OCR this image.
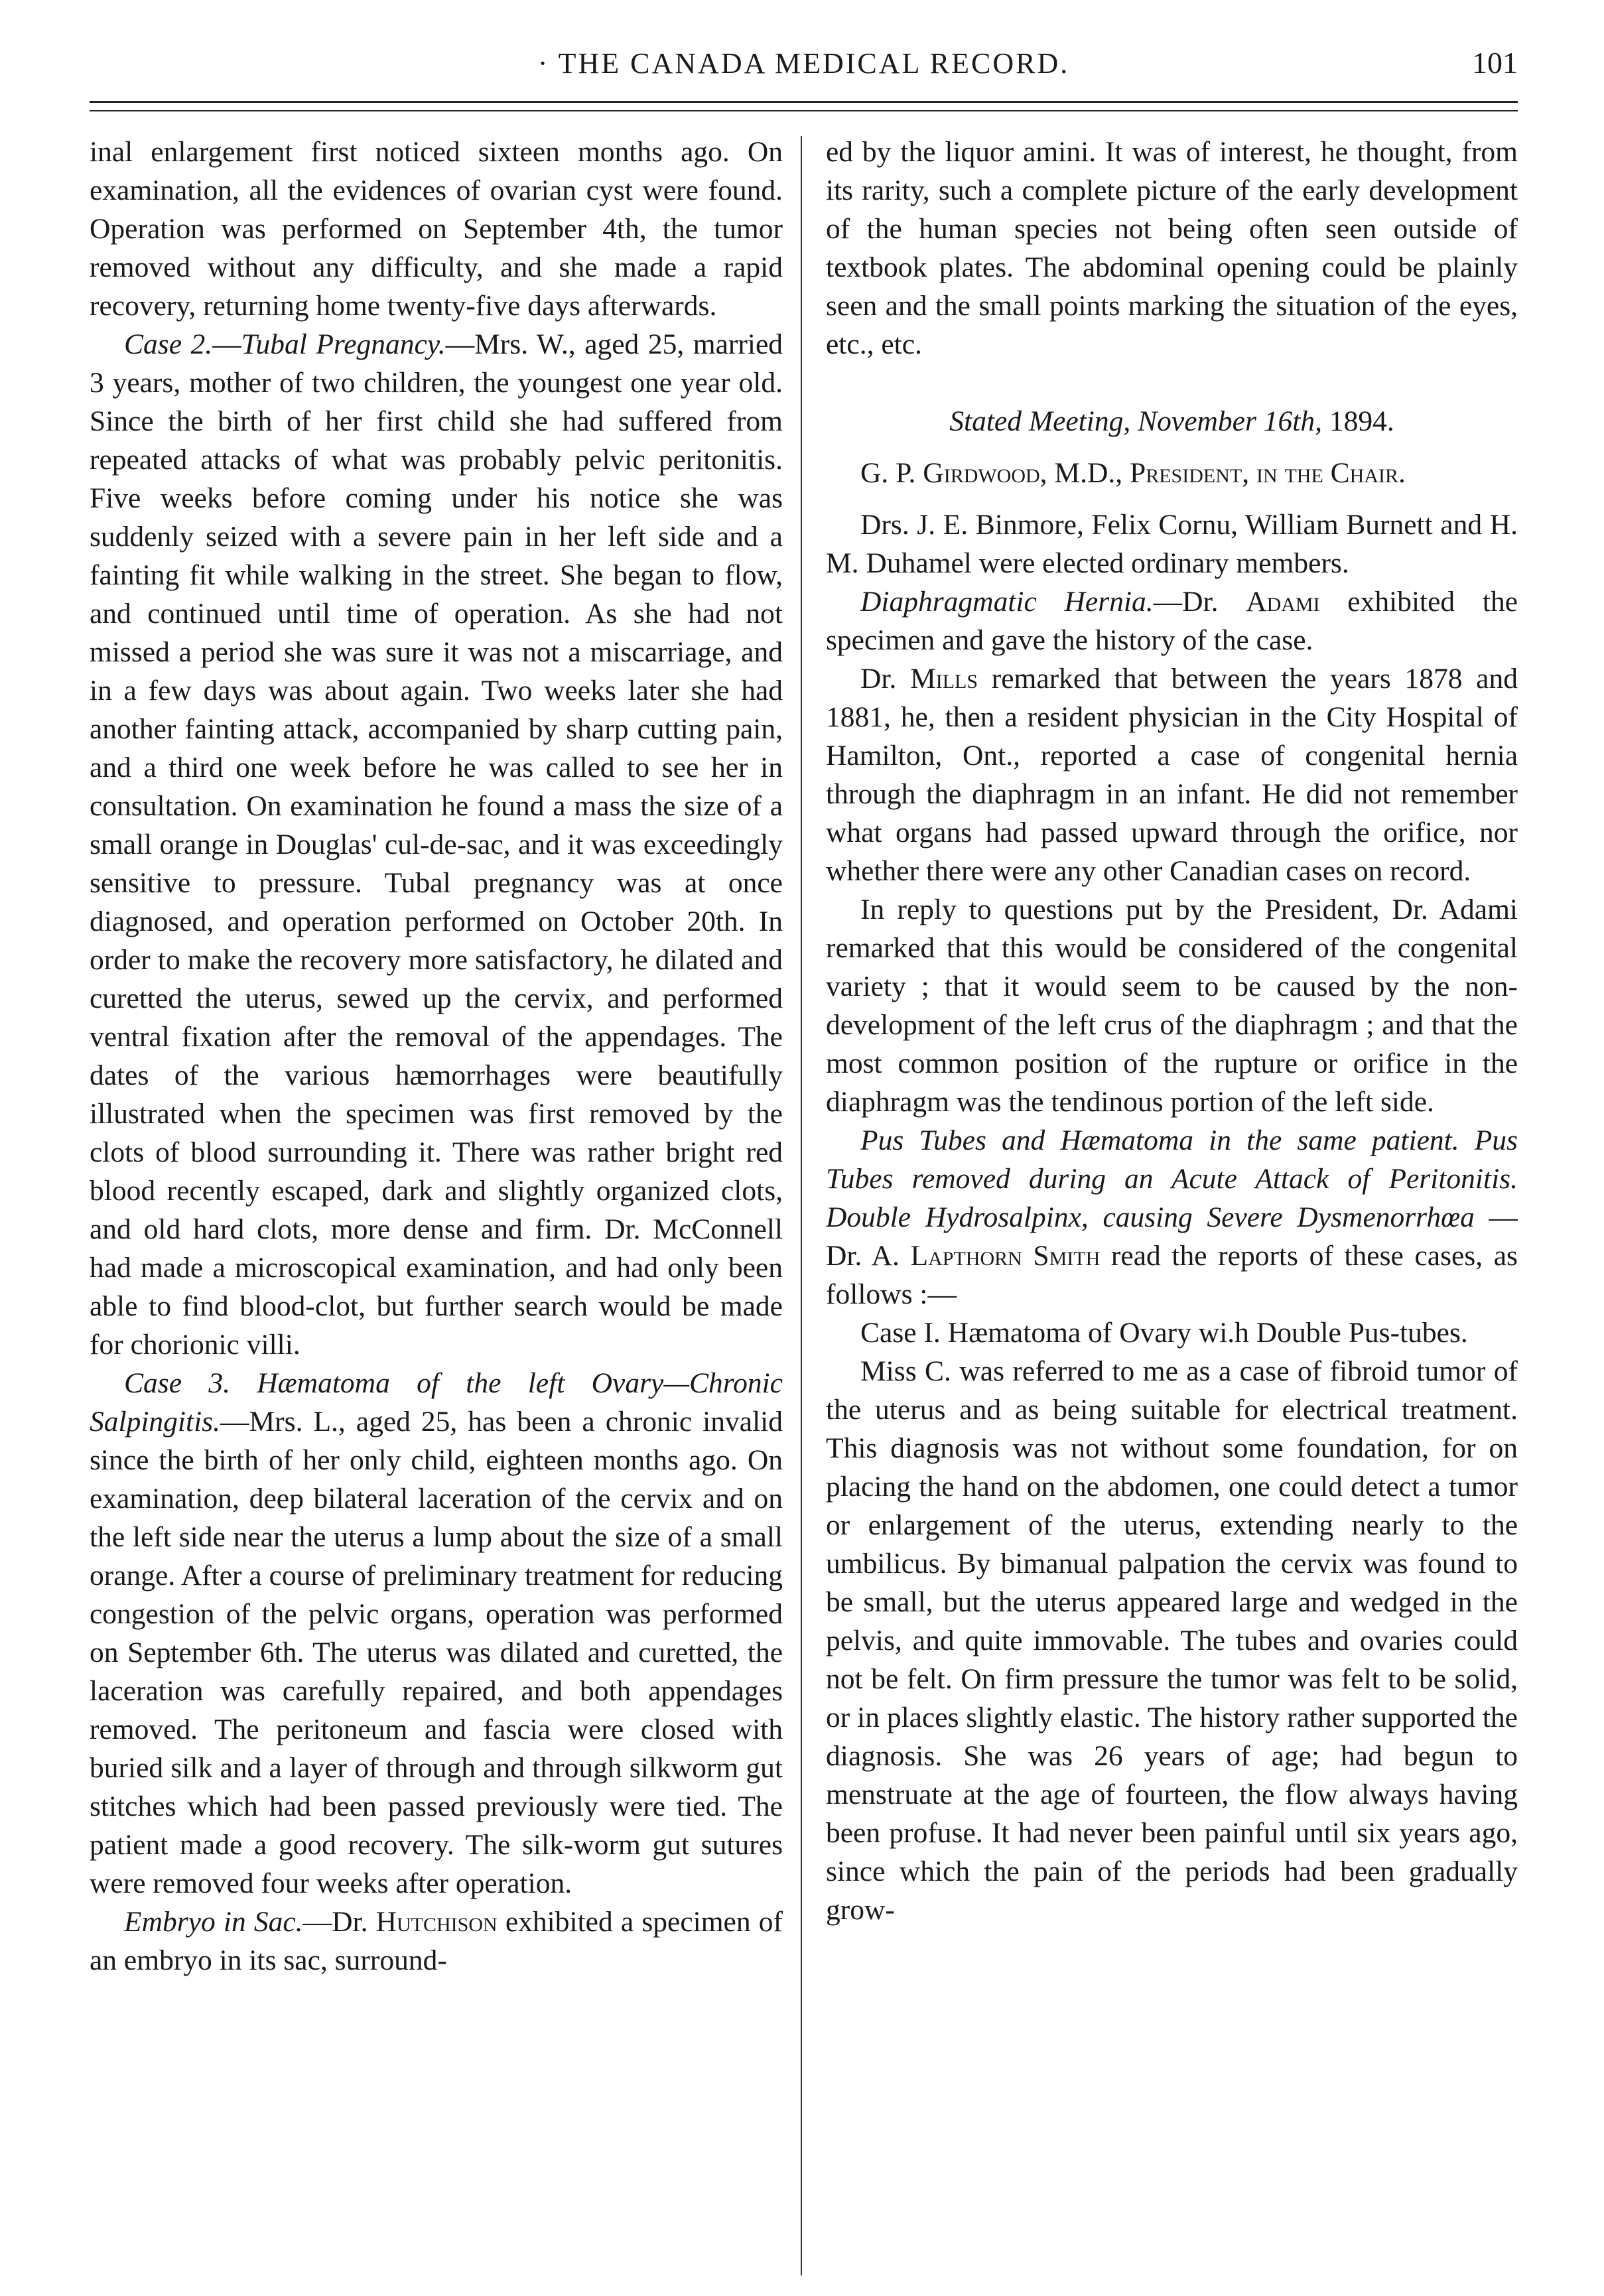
· THE CANADA MEDICAL RECORD.	101

inal enlargement first noticed sixteen months ago. On examination, all the evidences of ovarian cyst were found. Operation was performed on September 4th, the tumor removed without any difficulty, and she made a rapid recovery, returning home twenty-five days afterwards.

Case 2.—Tubal Pregnancy.—Mrs. W., aged 25, married 3 years, mother of two children, the youngest one year old. Since the birth of her first child she had suffered from repeated attacks of what was probably pelvic peritonitis. Five weeks before coming under his notice she was suddenly seized with a severe pain in her left side and a fainting fit while walking in the street. She began to flow, and continued until time of operation. As she had not missed a period she was sure it was not a miscarriage, and in a few days was about again. Two weeks later she had another fainting attack, accompanied by sharp cutting pain, and a third one week before he was called to see her in consultation. On examination he found a mass the size of a small orange in Douglas' cul-de-sac, and it was exceedingly sensitive to pressure. Tubal pregnancy was at once diagnosed, and operation performed on October 20th. In order to make the recovery more satisfactory, he dilated and curetted the uterus, sewed up the cervix, and performed ventral fixation after the removal of the appendages. The dates of the various hæmorrhages were beautifully illustrated when the specimen was first removed by the clots of blood surrounding it. There was rather bright red blood recently escaped, dark and slightly organized clots, and old hard clots, more dense and firm. Dr. McConnell had made a microscopical examination, and had only been able to find blood-clot, but further search would be made for chorionic villi.

Case 3. Hæmatoma of the left Ovary—Chronic Salpingitis.—Mrs. L., aged 25, has been a chronic invalid since the birth of her only child, eighteen months ago. On examination, deep bilateral laceration of the cervix and on the left side near the uterus a lump about the size of a small orange. After a course of preliminary treatment for reducing congestion of the pelvic organs, operation was performed on September 6th. The uterus was dilated and curetted, the laceration was carefully repaired, and both appendages removed. The peritoneum and fascia were closed with buried silk and a layer of through and through silkworm gut stitches which had been passed previously were tied. The patient made a good recovery. The silk-worm gut sutures were removed four weeks after operation.

Embryo in Sac.—Dr. Hutchison exhibited a specimen of an embryo in its sac, surround-

ed by the liquor amini. It was of interest, he thought, from its rarity, such a complete picture of the early development of the human species not being often seen outside of textbook plates. The abdominal opening could be plainly seen and the small points marking the situation of the eyes, etc., etc.

Stated Meeting, November 16th, 1894.

G. P. Girdwood, M.D., President, in the Chair.

Drs. J. E. Binmore, Felix Cornu, William Burnett and H. M. Duhamel were elected ordinary members.

Diaphragmatic Hernia.—Dr. Adami exhibited the specimen and gave the history of the case.

Dr. Mills remarked that between the years 1878 and 1881, he, then a resident physician in the City Hospital of Hamilton, Ont., reported a case of congenital hernia through the diaphragm in an infant. He did not remember what organs had passed upward through the orifice, nor whether there were any other Canadian cases on record.

In reply to questions put by the President, Dr. Adami remarked that this would be considered of the congenital variety ; that it would seem to be caused by the non-development of the left crus of the diaphragm ; and that the most common position of the rupture or orifice in the diaphragm was the tendinous portion of the left side.

Pus Tubes and Hæmatoma in the same patient. Pus Tubes removed during an Acute Attack of Peritonitis. Double Hydrosalpinx, causing Severe Dysmenorrhœa —Dr. A. Lapthorn Smith read the reports of these cases, as follows :—

Case I. Hæmatoma of Ovary wi.h Double Pus-tubes.

Miss C. was referred to me as a case of fibroid tumor of the uterus and as being suitable for electrical treatment. This diagnosis was not without some foundation, for on placing the hand on the abdomen, one could detect a tumor or enlargement of the uterus, extending nearly to the umbilicus. By bimanual palpation the cervix was found to be small, but the uterus appeared large and wedged in the pelvis, and quite immovable. The tubes and ovaries could not be felt. On firm pressure the tumor was felt to be solid, or in places slightly elastic. The history rather supported the diagnosis. She was 26 years of age; had begun to menstruate at the age of fourteen, the flow always having been profuse. It had never been painful until six years ago, since which the pain of the periods had been gradually grow-
